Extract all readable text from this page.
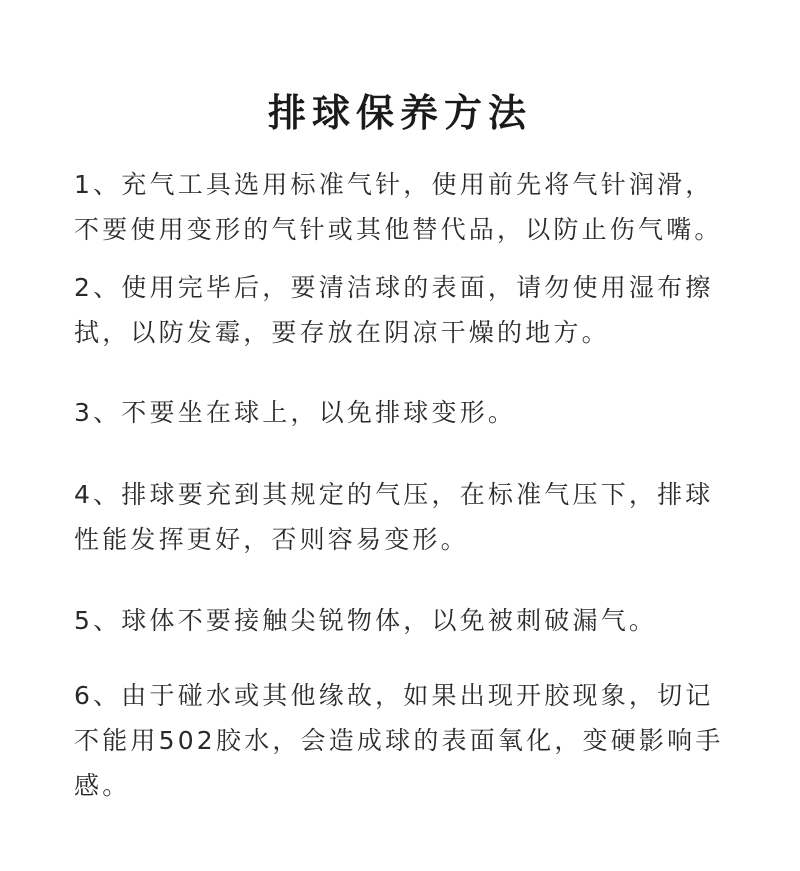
排球保养方法

1、充气工具选用标准气针，使用前先将气针润滑，

不要使用变形的气针或其他替代品，以防止伤气嘴。

2、使用完毕后，要清洁球的表面，请勿使用湿布擦

拭，以防发霉，要存放在阴凉干燥的地方。

3、不要坐在球上，以免排球变形。

4、排球要充到其规定的气压，在标准气压下，排球

性能发挥更好，否则容易变形。

5、球体不要接触尖锐物体，以免被刺破漏气。

6、由于碰水或其他缘故，如果出现开胶现象，切记

不能用502胶水，会造成球的表面氧化，变硬影响手

感。
